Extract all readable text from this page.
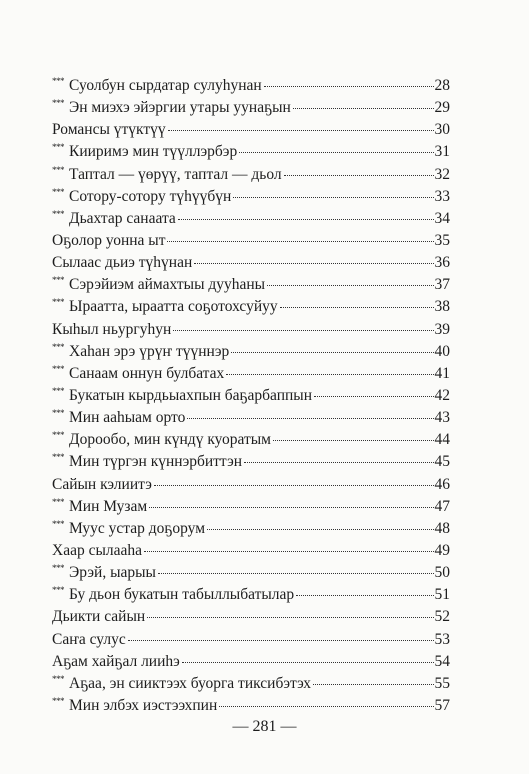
*** Суолбун сырдатар сулуһунан	28
*** Эн миэхэ эйэргии утары уунаҕын	29
Романсы үтүктүү	30
*** Кииримэ мин түүллэрбэр	31
*** Таптал — үөрүү, таптал — дьол	32
*** Сотору-сотору түһүүбүн	33
*** Дьахтар санаата	34
Оҕолор уонна ыт	35
Сылаас дьиэ түһүнан	36
*** Сэрэйиэм аймахтыы дууһаны	37
*** Ыраатта, ыраатта соҕотохсуйуу	38
Кыһыл ньургуһун	39
*** Хаһан эрэ үрүҥ түүннэр	40
*** Санаам оннун булбатах	41
*** Букатын кырдьыахпын баҕарбаппын	42
*** Мин ааһыам орто	43
*** Дорообо, мин күндү куоратым	44
*** Мин түргэн күннэрбиттэн	45
Сайын кэлиитэ	46
*** Мин Музам	47
*** Муус устар доҕорум	48
Хаар сылааһа	49
*** Эрэй, ыарыы	50
*** Бу дьон букатын табыллыбатылар	51
Дьикти сайын	52
Саҥа сулус	53
Аҕам хайҕал лииһэ	54
*** Аҕаа, эн сииктээх буорга тиксибэтэх	55
*** Мин элбэх иэстээхпин	57
— 281 —
